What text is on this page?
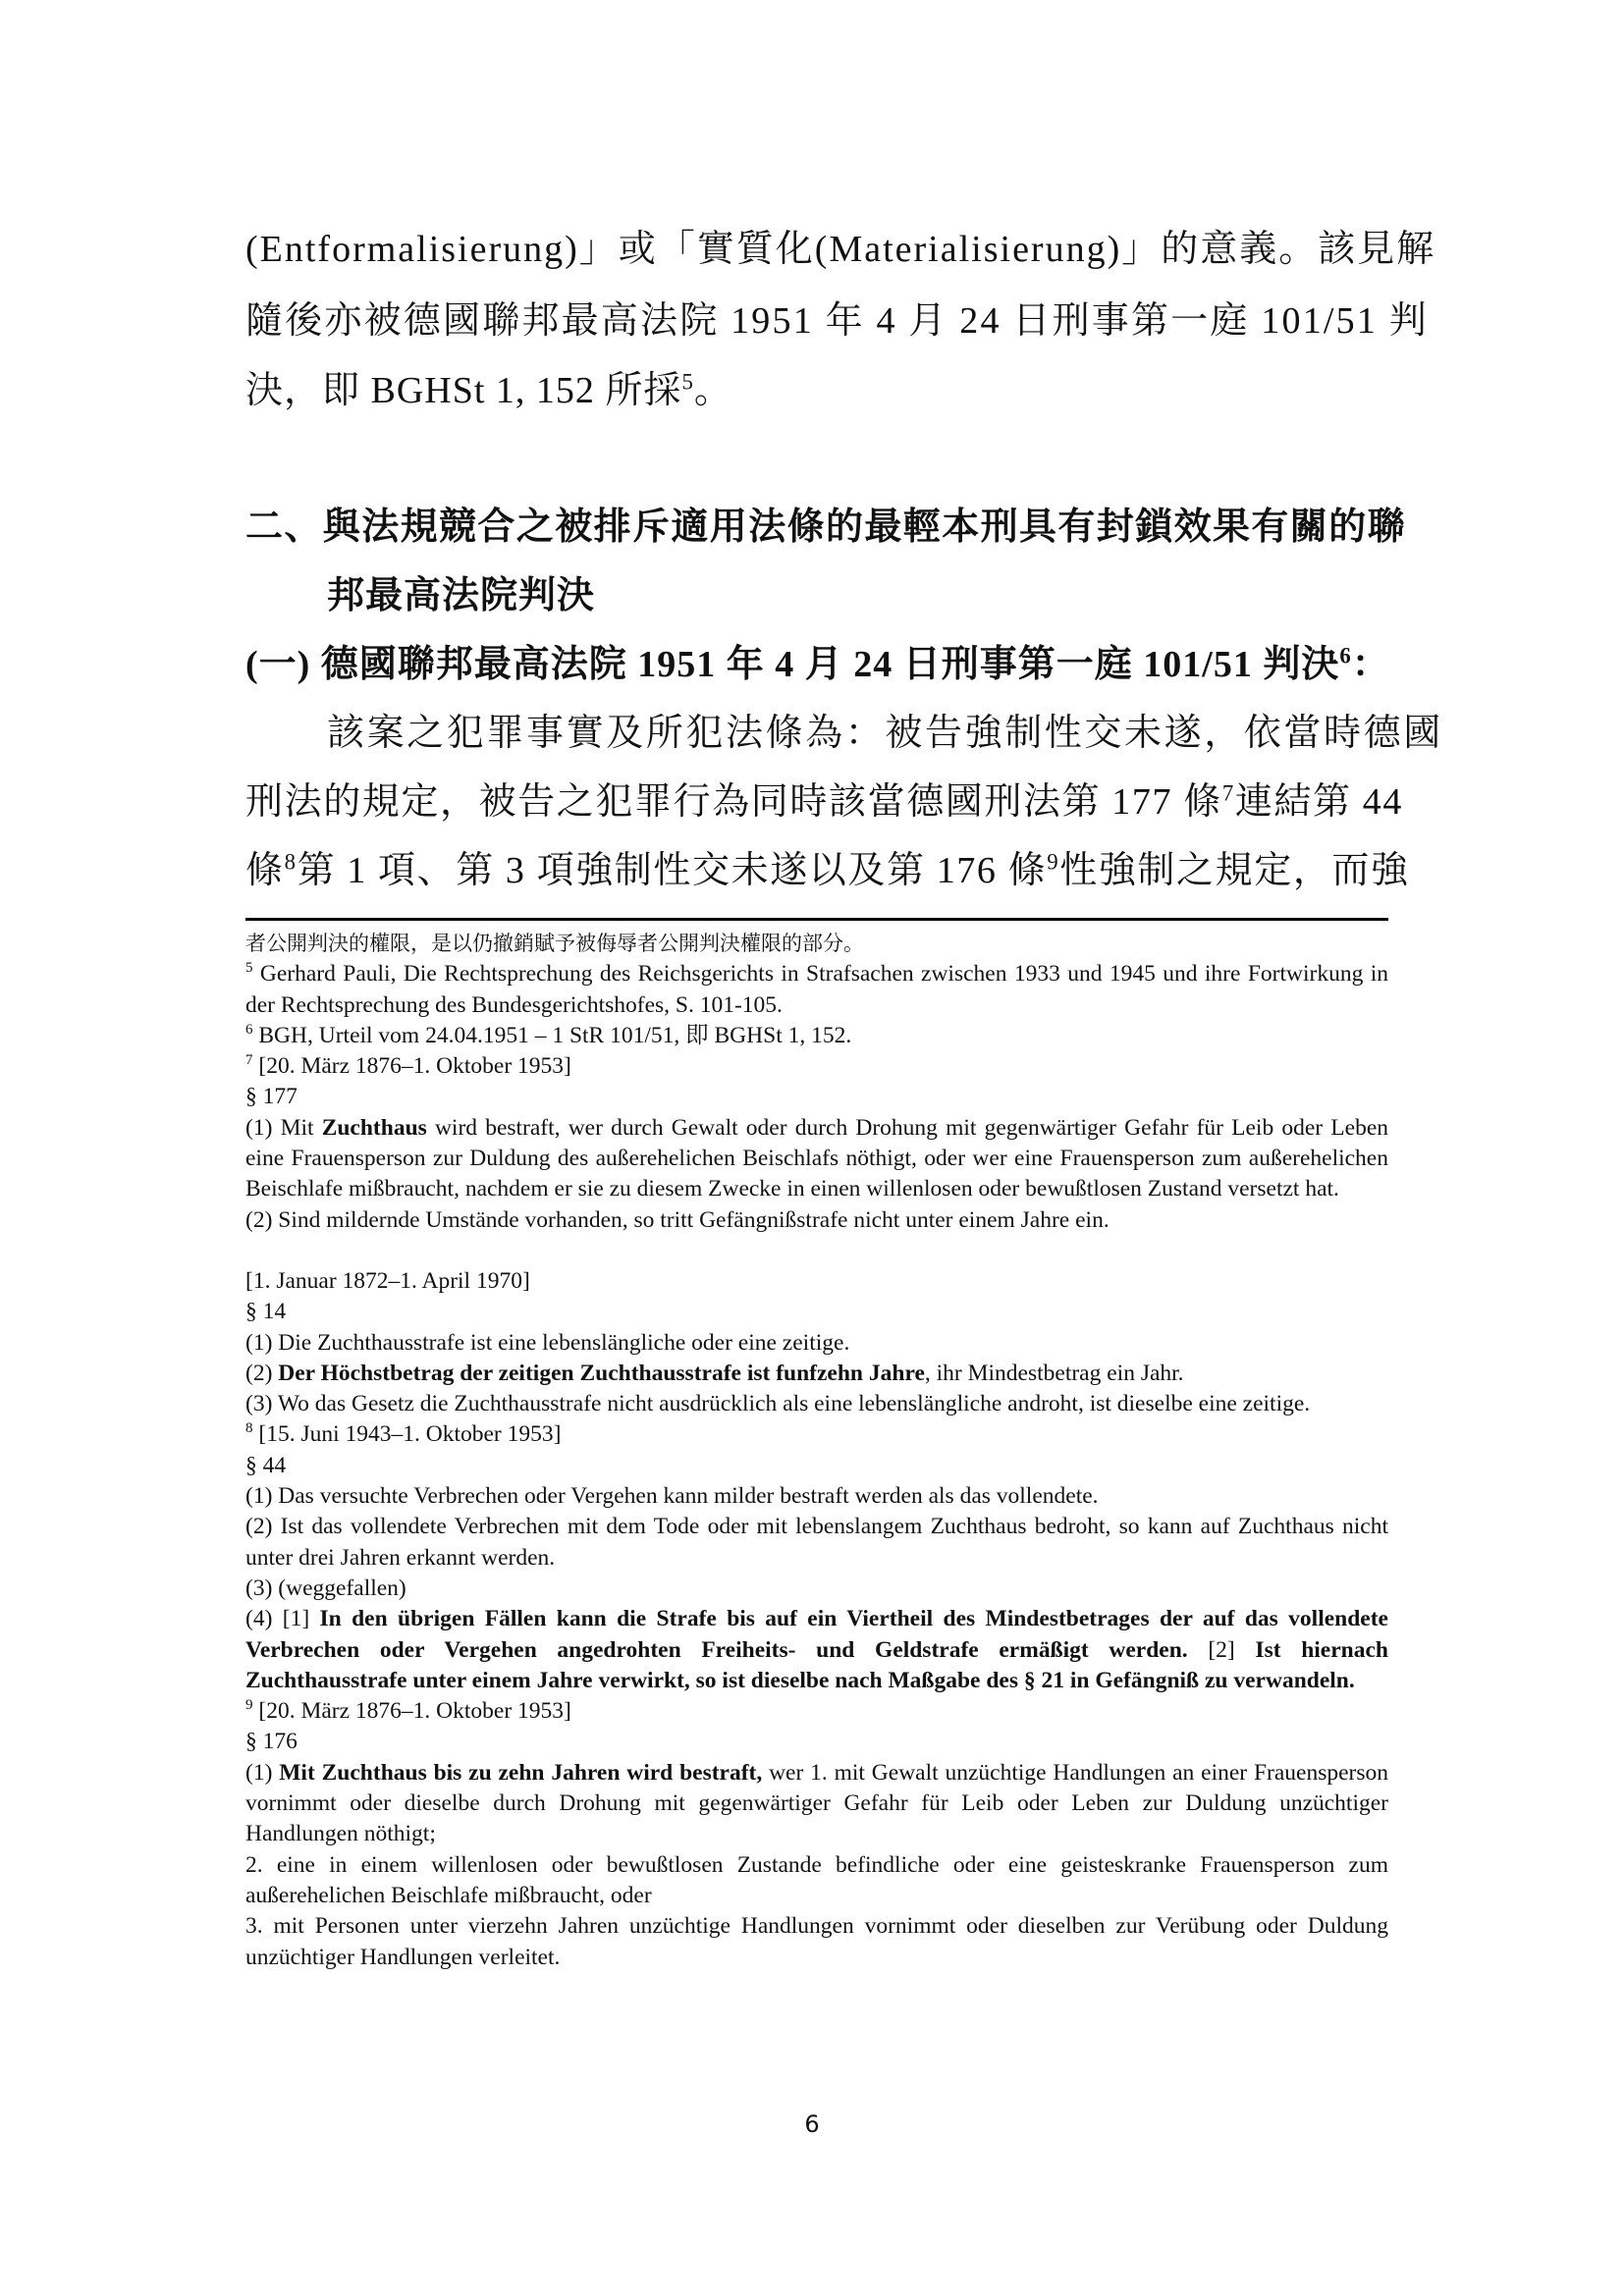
(Entformalisierung)」或「實質化(Materialisierung)」的意義。該見解
隨後亦被德國聯邦最高法院 1951 年 4 月 24 日刑事第一庭 101/51 判
決，即 BGHSt 1, 152 所採$^5$。
二、與法規競合之被排斥適用法條的最輕本刑具有封鎖效果有關的聯
邦最高法院判決
(一) 德國聯邦最高法院 1951 年 4 月 24 日刑事第一庭 101/51 判決$^6$：
該案之犯罪事實及所犯法條為：被告強制性交未遂，依當時德國
刑法的規定，被告之犯罪行為同時該當德國刑法第 177 條$^7$連結第 44
條$^8$第 1 項、第 3 項強制性交未遂以及第 176 條$^9$性強制之規定，而強

者公開判決的權限，是以仍撤銷賦予被侮辱者公開判決權限的部分。

$^5$ Gerhard Pauli, Die Rechtsprechung des Reichsgerichts in Strafsachen zwischen 1933 und 1945 und ihre Fortwirkung in der Rechtsprechung des Bundesgerichtshofes, S. 101-105.

$^6$ BGH, Urteil vom 24.04.1951 – 1 StR 101/51, 即 BGHSt 1, 152.

$^7$ [20. März 1876–1. Oktober 1953]

§ 177

(1) Mit Zuchthaus wird bestraft, wer durch Gewalt oder durch Drohung mit gegenwärtiger Gefahr für Leib oder Leben eine Frauensperson zur Duldung des außerehelichen Beischlafs nöthigt, oder wer eine Frauensperson zum außerehelichen Beischlafe mißbraucht, nachdem er sie zu diesem Zwecke in einen willenlosen oder bewußtlosen Zustand versetzt hat.

(2) Sind mildernde Umstände vorhanden, so tritt Gefängnißstrafe nicht unter einem Jahre ein.

[1. Januar 1872–1. April 1970]

§ 14

(1) Die Zuchthausstrafe ist eine lebenslängliche oder eine zeitige.

(2) Der Höchstbetrag der zeitigen Zuchthausstrafe ist funfzehn Jahre, ihr Mindestbetrag ein Jahr.

(3) Wo das Gesetz die Zuchthausstrafe nicht ausdrücklich als eine lebenslängliche androht, ist dieselbe eine zeitige.

$^8$ [15. Juni 1943–1. Oktober 1953]

§ 44

(1) Das versuchte Verbrechen oder Vergehen kann milder bestraft werden als das vollendete.

(2) Ist das vollendete Verbrechen mit dem Tode oder mit lebenslangem Zuchthaus bedroht, so kann auf Zuchthaus nicht unter drei Jahren erkannt werden.

(3) (weggefallen)

(4) [1] In den übrigen Fällen kann die Strafe bis auf ein Viertheil des Mindestbetrages der auf das vollendete Verbrechen oder Vergehen angedrohten Freiheits- und Geldstrafe ermäßigt werden. [2] Ist hiernach Zuchthausstrafe unter einem Jahre verwirkt, so ist dieselbe nach Maßgabe des § 21 in Gefängniß zu verwandeln.

$^9$ [20. März 1876–1. Oktober 1953]

§ 176

(1) Mit Zuchthaus bis zu zehn Jahren wird bestraft, wer 1. mit Gewalt unzüchtige Handlungen an einer Frauensperson vornimmt oder dieselbe durch Drohung mit gegenwärtiger Gefahr für Leib oder Leben zur Duldung unzüchtiger Handlungen nöthigt;

2. eine in einem willenlosen oder bewußtlosen Zustande befindliche oder eine geisteskranke Frauensperson zum außerehelichen Beischlafe mißbraucht, oder

3. mit Personen unter vierzehn Jahren unzüchtige Handlungen vornimmt oder dieselben zur Verübung oder Duldung unzüchtiger Handlungen verleitet.

6
